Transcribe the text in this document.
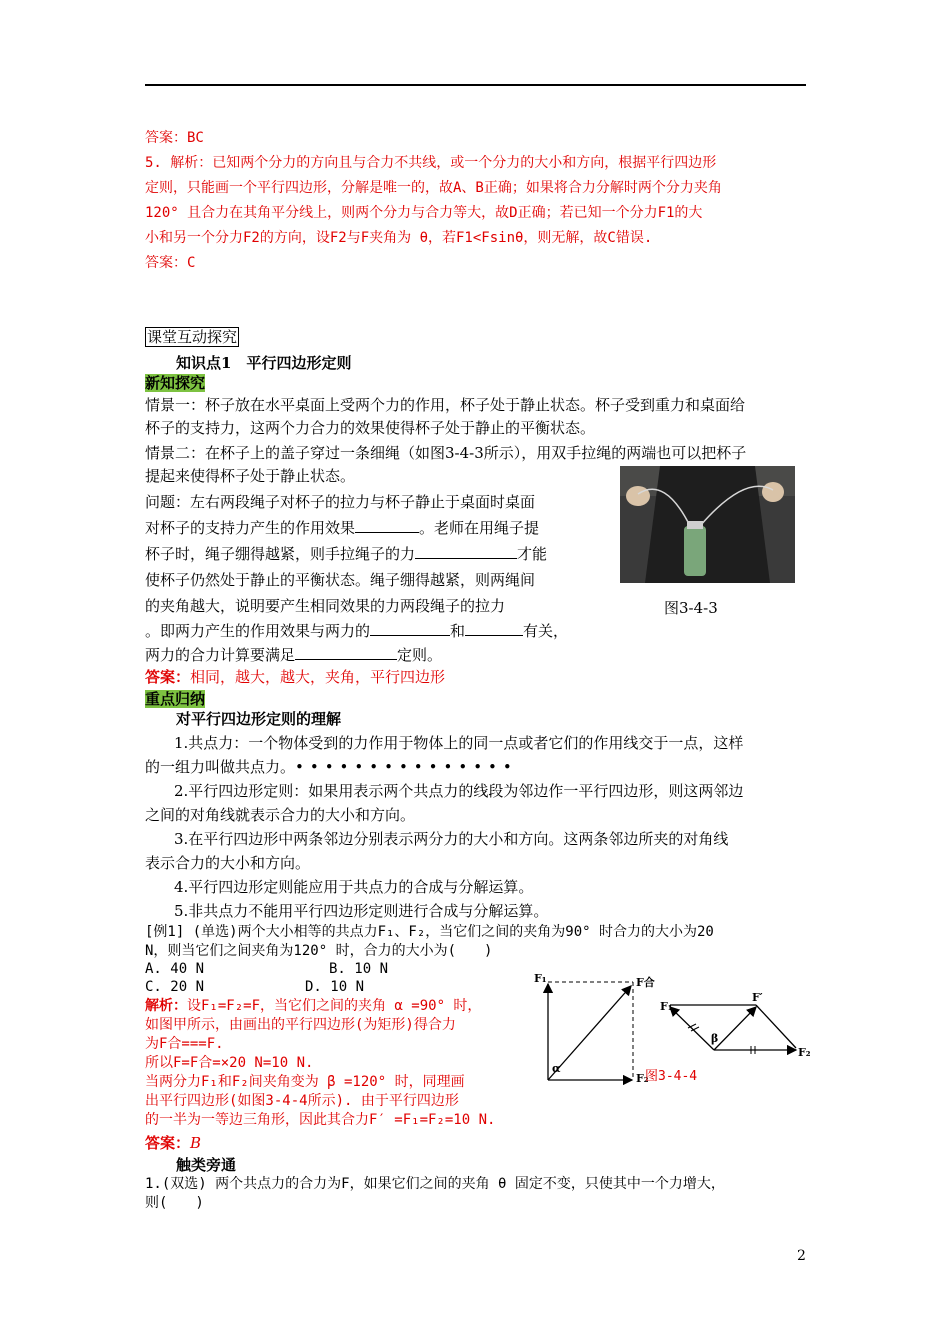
答案：BC
5. 解析：已知两个分力的方向且与合力不共线，或一个分力的大小和方向，根据平行四边形
定则，只能画一个平行四边形，分解是唯一的，故A、B正确；如果将合力分解时两个分力夹角
120° 且合力在其角平分线上，则两个分力与合力等大，故D正确；若已知一个分力F1的大
小和另一个分力F2的方向，设F2与F夹角为 θ，若F1<Fsinθ，则无解，故C错误.
答案：C
课堂互动探究
知识点1　平行四边形定则
新知探究
情景一：杯子放在水平桌面上受两个力的作用，杯子处于静止状态。杯子受到重力和桌面给
杯子的支持力，这两个力合力的效果使得杯子处于静止的平衡状态。
情景二：在杯子上的盖子穿过一条细绳（如图3-4-3所示），用双手拉绳的两端也可以把杯子
提起来使得杯子处于静止状态。
问题：左右两段绳子对杯子的拉力与杯子静止于桌面时桌面
对杯子的支持力产生的作用效果	。老师在用绳子提
杯子时，绳子绷得越紧，则手拉绳子的力	才能
使杯子仍然处于静止的平衡状态。绳子绷得越紧，则两绳间
的夹角越大，说明要产生相同效果的力两段绳子的拉力
。即两力产生的作用效果与两力的	和	有关，
两力的合力计算要满足	定则。
图3-4-3
答案：相同，越大，越大，夹角，平行四边形
重点归纳
对平行四边形定则的理解
1.共点力：一个物体受到的力作用于物体上的同一点或者它们的作用线交于一点，这样
的一组力叫做共点力。•••••••••••••••
2.平行四边形定则：如果用表示两个共点力的线段为邻边作一平行四边形，则这两邻边
之间的对角线就表示合力的大小和方向。
3.在平行四边形中两条邻边分别表示两分力的大小和方向。这两条邻边所夹的对角线
表示合力的大小和方向。
4.平行四边形定则能应用于共点力的合成与分解运算。
5.非共点力不能用平行四边形定则进行合成与分解运算。
[例1] (单选)两个大小相等的共点力F₁、F₂，当它们之间的夹角为90° 时合力的大小为20
N，则当它们之间夹角为120° 时，合力的大小为(　　)
A. 40 N	B. 10 N
C. 20 N	D. 10 N
解析：设F₁=F₂=F，当它们之间的夹角 α =90° 时，
如图甲所示，由画出的平行四边形(为矩形)得合力
为F合===F.
所以F=F合=×20 N=10 N.
当两分力F₁和F₂间夹角变为 β =120° 时，同理画
出平行四边形(如图3-4-4所示). 由于平行四边形
的一半为一等边三角形，因此其合力F′ =F₁=F₂=10 N.
答案：B
F₁	F合
F₂
α
F₁
F′
β
F₂
图3-4-4
触类旁通
1.(双选) 两个共点力的合力为F，如果它们之间的夹角 θ 固定不变，只使其中一个力增大，
则(　　)
2
